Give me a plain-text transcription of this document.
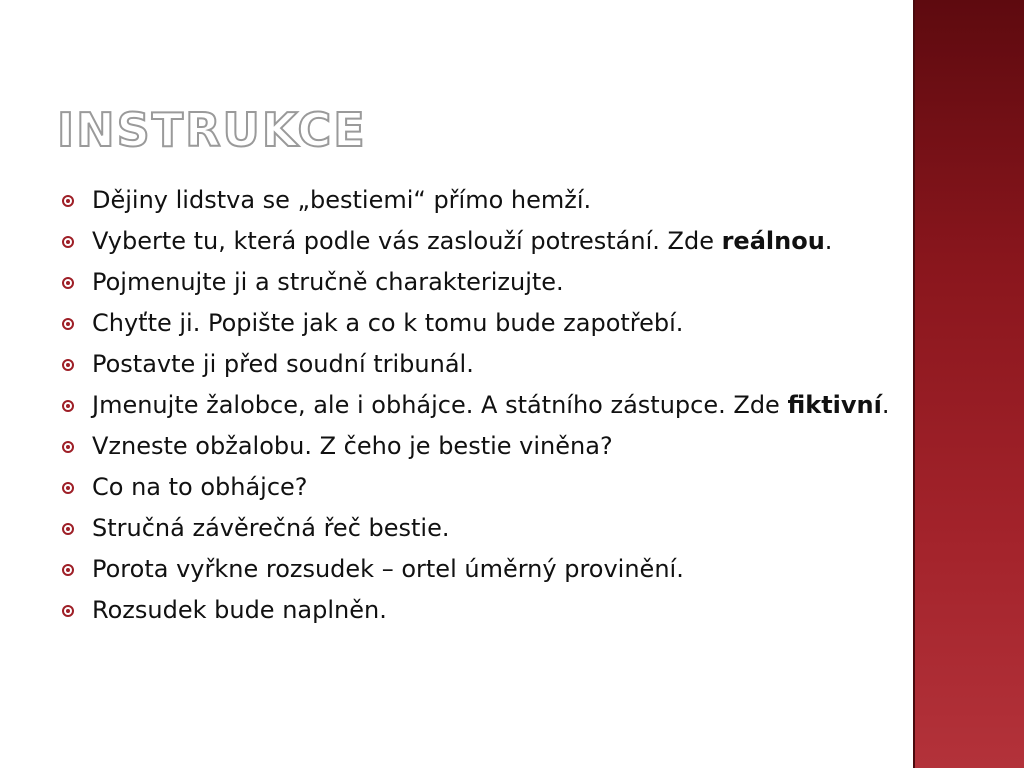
INSTRUKCE
Dějiny lidstva se „bestiemi“ přímo hemží.
Vyberte tu, která podle vás zaslouží potrestání. Zde reálnou.
Pojmenujte ji a stručně charakterizujte.
Chyťte ji. Popište jak a co k tomu bude zapotřebí.
Postavte ji před soudní tribunál.
Jmenujte žalobce, ale i obhájce. A státního zástupce. Zde fiktivní.
Vzneste obžalobu. Z čeho je bestie viněna?
Co na to obhájce?
Stručná závěrečná řeč bestie.
Porota vyřkne rozsudek – ortel úměrný provinění.
Rozsudek bude naplněn.
